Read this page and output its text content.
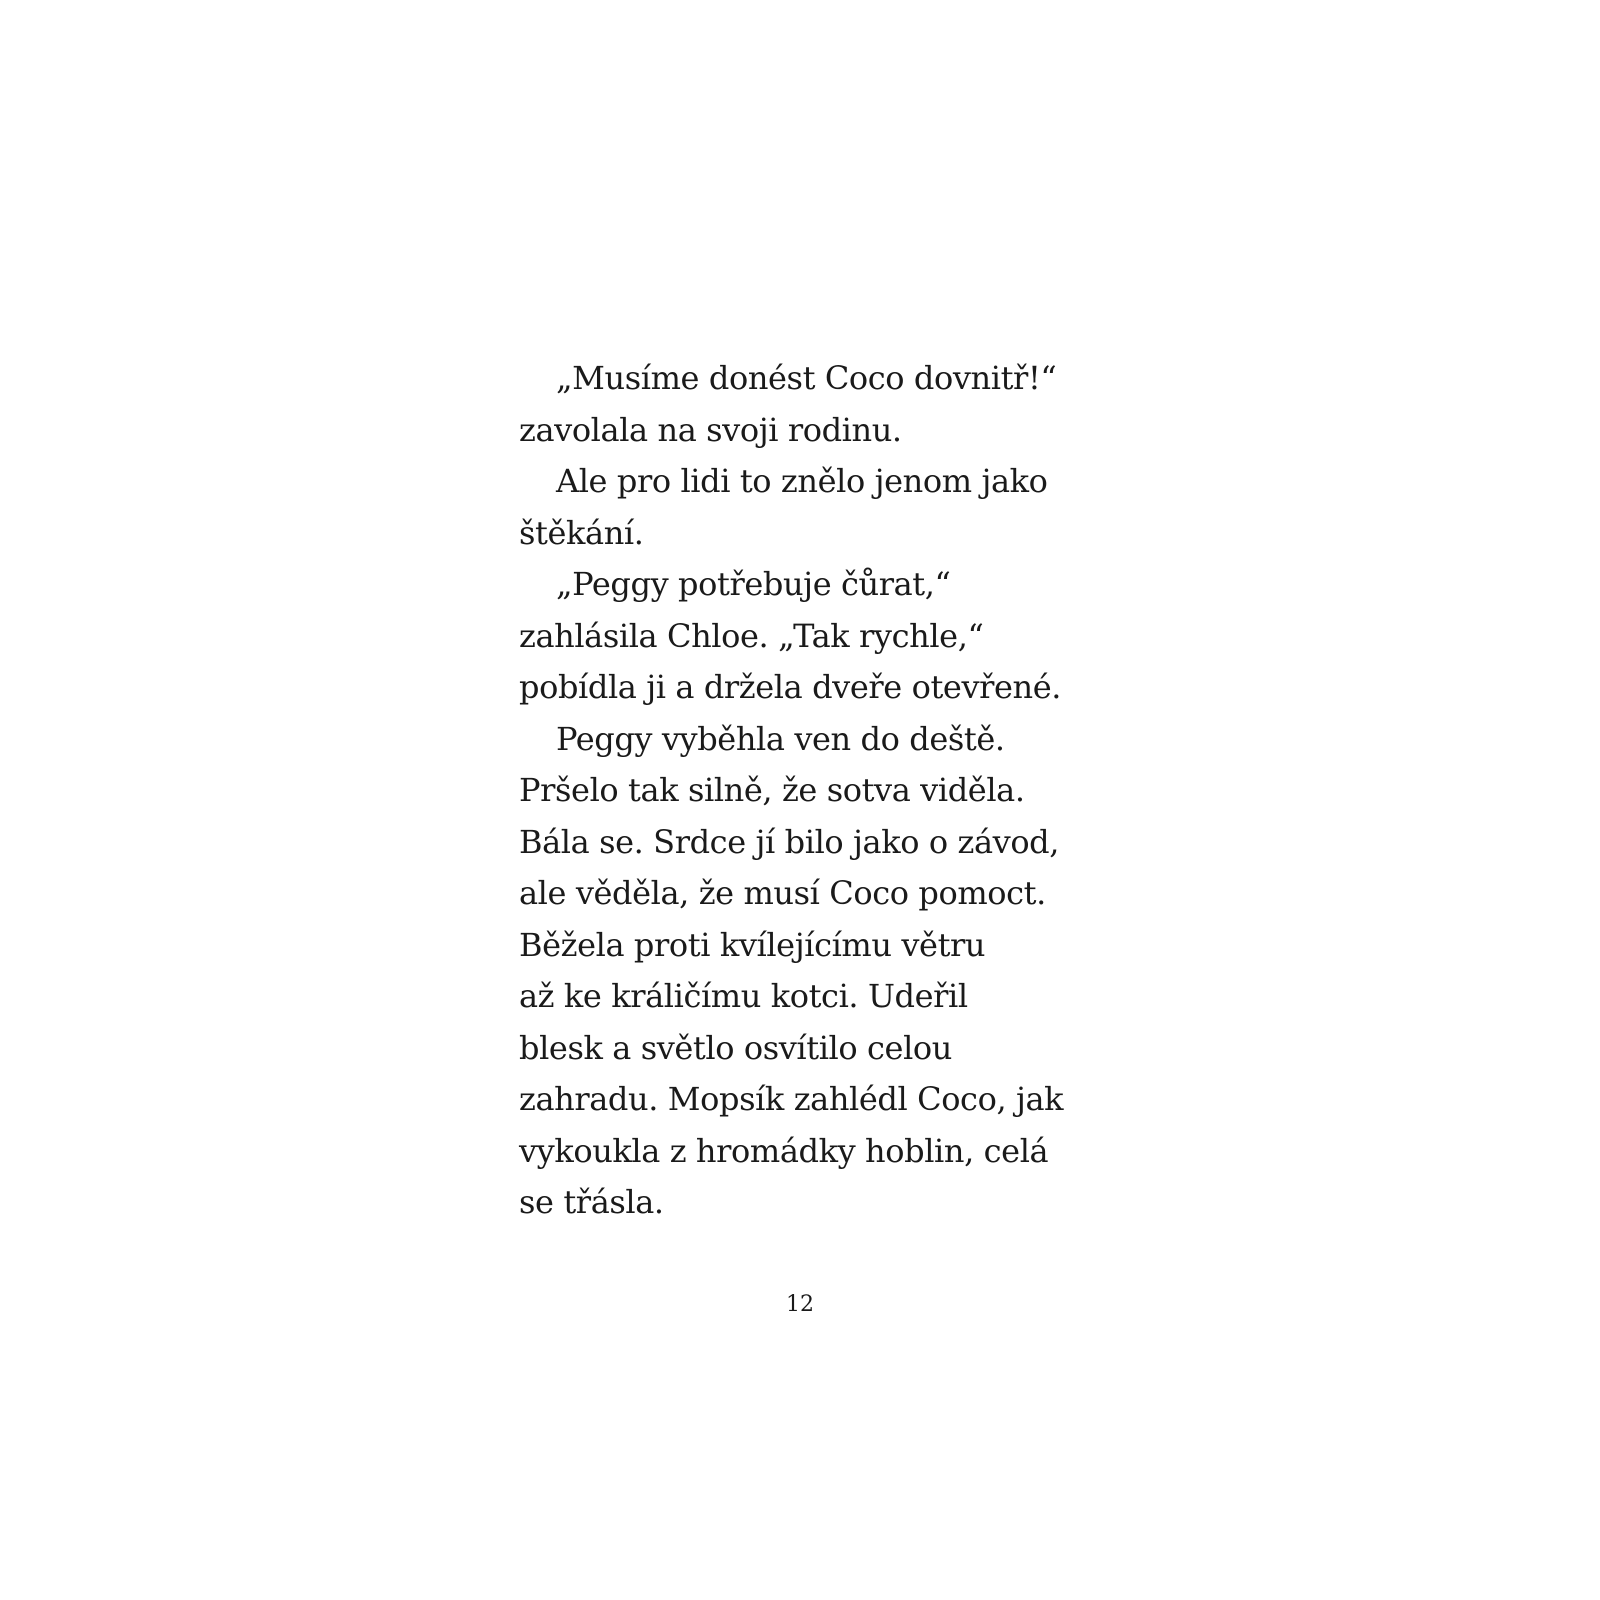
„Musíme donést Coco dovnitř!“
zavolala na svoji rodinu.
Ale pro lidi to znělo jenom jako
štěkání.
„Peggy potřebuje čůrat,“
zahlásila Chloe. „Tak rychle,“
pobídla ji a držela dveře otevřené.
Peggy vyběhla ven do deště.
Pršelo tak silně, že sotva viděla.
Bála se. Srdce jí bilo jako o závod,
ale věděla, že musí Coco pomoct.
Běžela proti kvílejícímu větru
až ke králičímu kotci. Udeřil
blesk a světlo osvítilo celou
zahradu. Mopsík zahlédl Coco, jak
vykoukla z hromádky hoblin, celá
se třásla.
12
